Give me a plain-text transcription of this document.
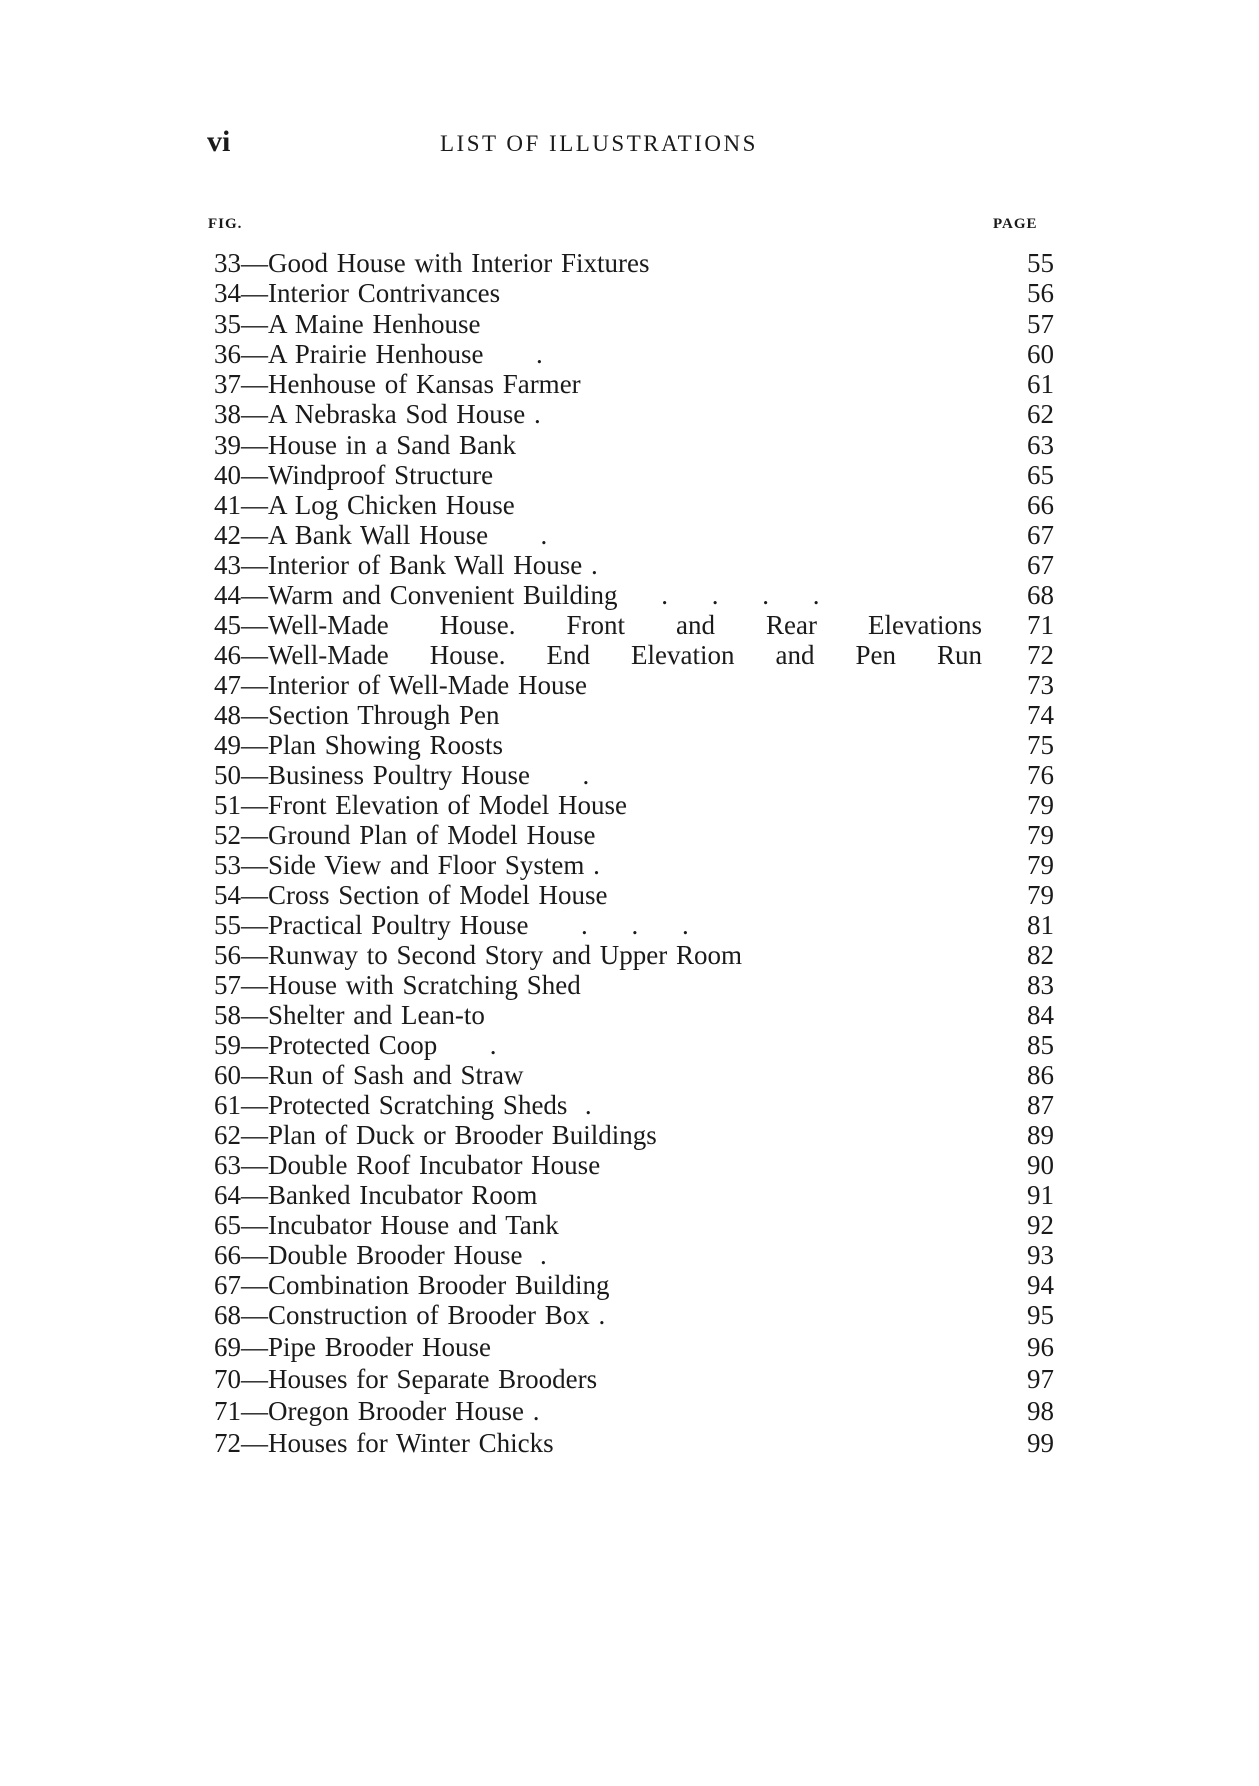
vi	LIST OF ILLUSTRATIONS
FIG.	PAGE
33—Good House with Interior Fixtures	55
34—Interior Contrivances	56
35—A Maine Henhouse	57
36—A Prairie Henhouse      .	60
37—Henhouse of Kansas Farmer	61
38—A Nebraska Sod House .	62
39—House in a Sand Bank	63
40—Windproof Structure	65
41—A Log Chicken House	66
42—A Bank Wall House      .	67
43—Interior of Bank Wall House .	67
44—Warm and Convenient Building     .     .     .     .	68
45—Well-Made House. Front and Rear Elevations	71
46—Well-Made House. End Elevation and Pen Run	72
47—Interior of Well-Made House	73
48—Section Through Pen	74
49—Plan Showing Roosts	75
50—Business Poultry House      .	76
51—Front Elevation of Model House	79
52—Ground Plan of Model House	79
53—Side View and Floor System .	79
54—Cross Section of Model House	79
55—Practical Poultry House      .     .     .	81
56—Runway to Second Story and Upper Room	82
57—House with Scratching Shed	83
58—Shelter and Lean-to	84
59—Protected Coop      .	85
60—Run of Sash and Straw	86
61—Protected Scratching Sheds  .	87
62—Plan of Duck or Brooder Buildings	89
63—Double Roof Incubator House	90
64—Banked Incubator Room	91
65—Incubator House and Tank	92
66—Double Brooder House  .	93
67—Combination Brooder Building	94
68—Construction of Brooder Box .	95
69—Pipe Brooder House	96
70—Houses for Separate Brooders	97
71—Oregon Brooder House .	98
72—Houses for Winter Chicks	99
